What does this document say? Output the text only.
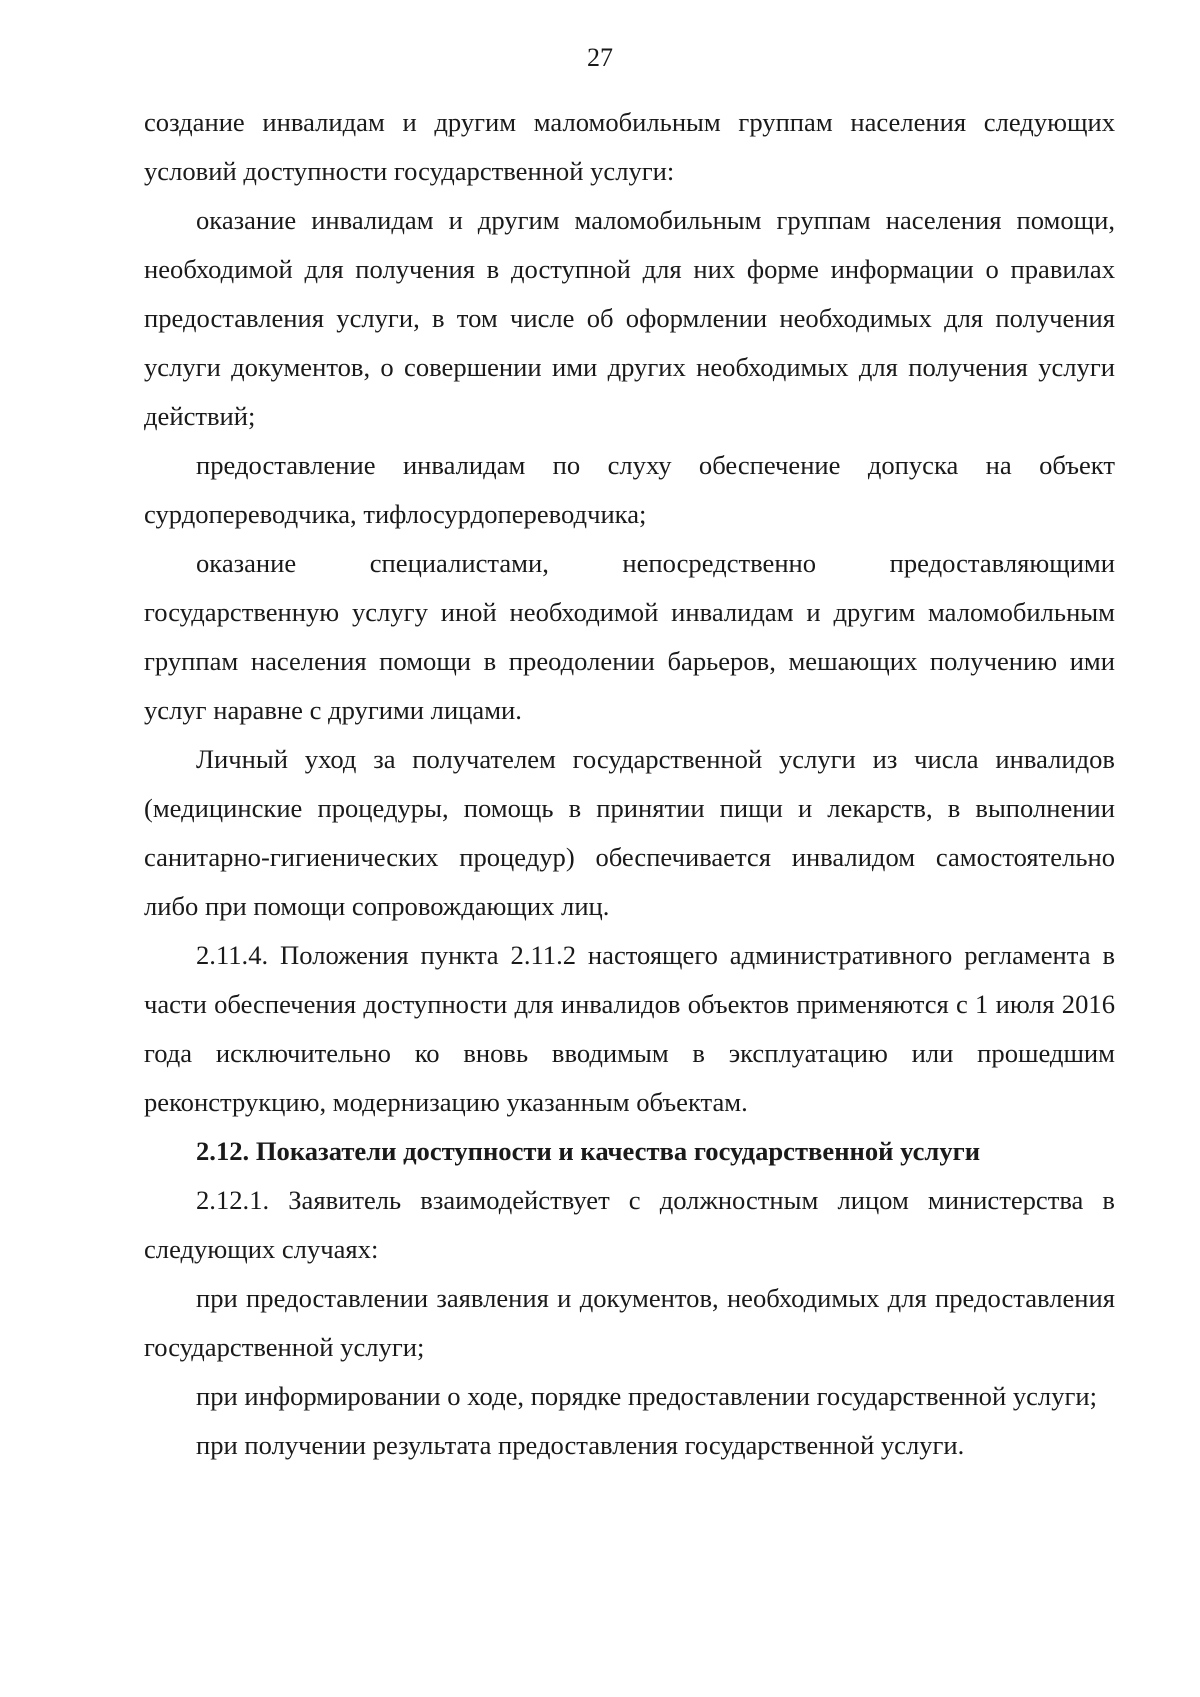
27

создание инвалидам и другим маломобильным группам населения следующих условий доступности государственной услуги:

оказание инвалидам и другим маломобильным группам населения помощи, необходимой для получения в доступной для них форме информации о правилах предоставления услуги, в том числе об оформлении необходимых для получения услуги документов, о совершении ими других необходимых для получения услуги действий;

предоставление инвалидам по слуху обеспечение допуска на объект сурдопереводчика, тифлосурдопереводчика;

оказание специалистами, непосредственно предоставляющими государственную услугу иной необходимой инвалидам и другим маломобильным группам населения помощи в преодолении барьеров, мешающих получению ими услуг наравне с другими лицами.

Личный уход за получателем государственной услуги из числа инвалидов (медицинские процедуры, помощь в принятии пищи и лекарств, в выполнении санитарно-гигиенических процедур) обеспечивается инвалидом самостоятельно либо при помощи сопровождающих лиц.

2.11.4. Положения пункта 2.11.2 настоящего административного регламента в части обеспечения доступности для инвалидов объектов применяются с 1 июля 2016 года исключительно ко вновь вводимым в эксплуатацию или прошедшим реконструкцию, модернизацию указанным объектам.

2.12. Показатели доступности и качества государственной услуги

2.12.1. Заявитель взаимодействует с должностным лицом министерства в следующих случаях:

при предоставлении заявления и документов, необходимых для предоставления государственной услуги;

при информировании о ходе, порядке предоставлении государственной услуги;

при получении результата предоставления государственной услуги.
